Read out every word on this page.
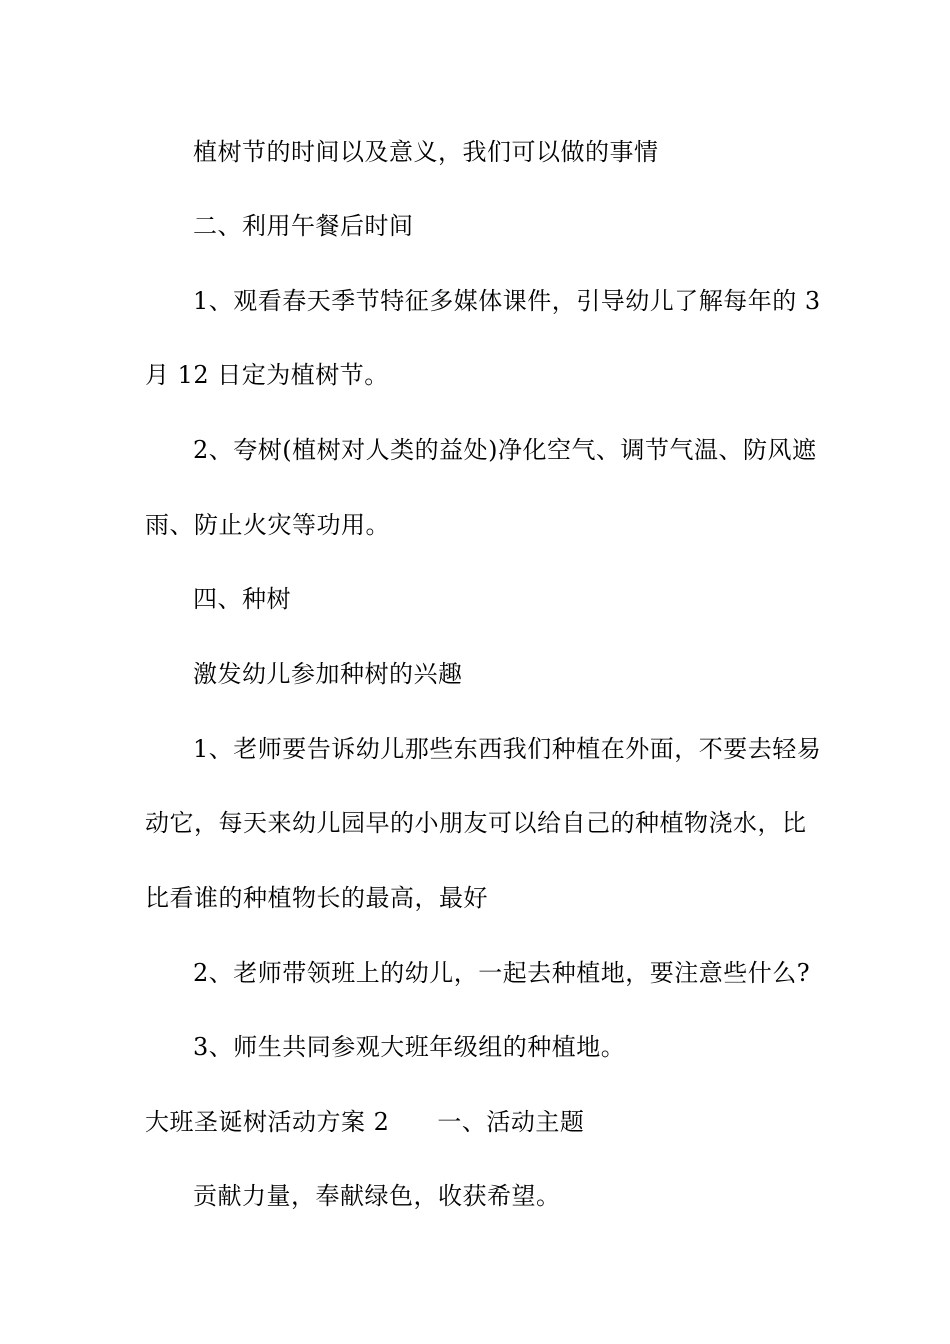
植树节的时间以及意义，我们可以做的事情
二、利用午餐后时间
1、观看春天季节特征多媒体课件，引导幼儿了解每年的 3
月 12 日定为植树节。
2、夸树(植树对人类的益处)净化空气、调节气温、防风遮
雨、防止火灾等功用。
四、种树
激发幼儿参加种树的兴趣
1、老师要告诉幼儿那些东西我们种植在外面，不要去轻易
动它，每天来幼儿园早的小朋友可以给自己的种植物浇水，比
比看谁的种植物长的最高，最好
2、老师带领班上的幼儿，一起去种植地，要注意些什么?
3、师生共同参观大班年级组的种植地。
大班圣诞树活动方案 2 一、活动主题
贡献力量，奉献绿色，收获希望。
